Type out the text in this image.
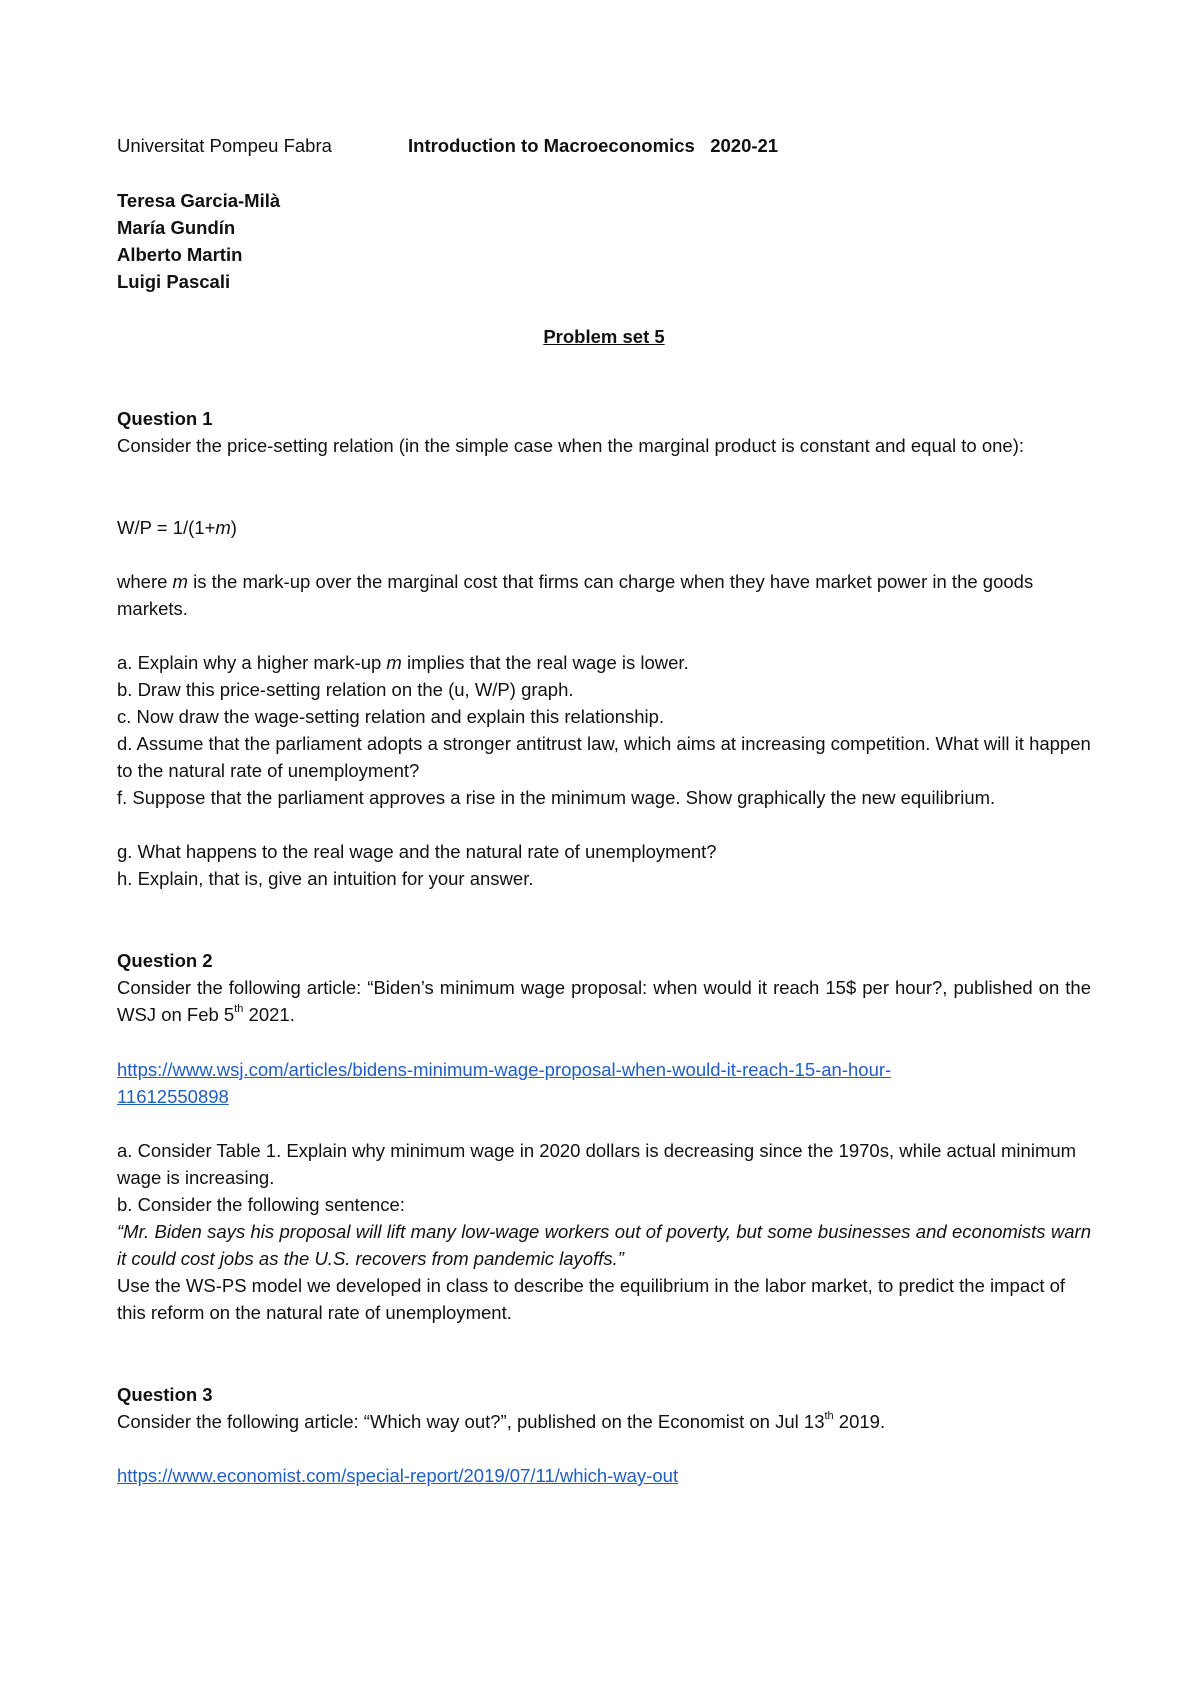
Universitat Pompeu Fabra	Introduction to Macroeconomics 2020-21
Teresa Garcia-Milà
María Gundín
Alberto Martin
Luigi Pascali
Problem set 5
Question 1
Consider the price-setting relation (in the simple case when the marginal product is constant and equal to one):
W/P = 1/(1+m)
where m is the mark-up over the marginal cost that firms can charge when they have market power in the goods markets.
a. Explain why a higher mark-up m implies that the real wage is lower.
b. Draw this price-setting relation on the (u, W/P) graph.
c. Now draw the wage-setting relation and explain this relationship.
d. Assume that the parliament adopts a stronger antitrust law, which aims at increasing competition. What will it happen to the natural rate of unemployment?
f. Suppose that the parliament approves a rise in the minimum wage. Show graphically the new equilibrium.
g. What happens to the real wage and the natural rate of unemployment?
h. Explain, that is, give an intuition for your answer.
Question 2
Consider the following article: “Biden’s minimum wage proposal: when would it reach 15$ per hour?, published on the WSJ on Feb 5th 2021.
https://www.wsj.com/articles/bidens-minimum-wage-proposal-when-would-it-reach-15-an-hour-
11612550898
a. Consider Table 1. Explain why minimum wage in 2020 dollars is decreasing since the 1970s, while actual minimum wage is increasing.
b. Consider the following sentence:
“Mr. Biden says his proposal will lift many low-wage workers out of poverty, but some businesses and economists warn it could cost jobs as the U.S. recovers from pandemic layoffs.”
Use the WS-PS model we developed in class to describe the equilibrium in the labor market, to predict the impact of this reform on the natural rate of unemployment.
Question 3
Consider the following article: “Which way out?”, published on the Economist on Jul 13th 2019.
https://www.economist.com/special-report/2019/07/11/which-way-out
